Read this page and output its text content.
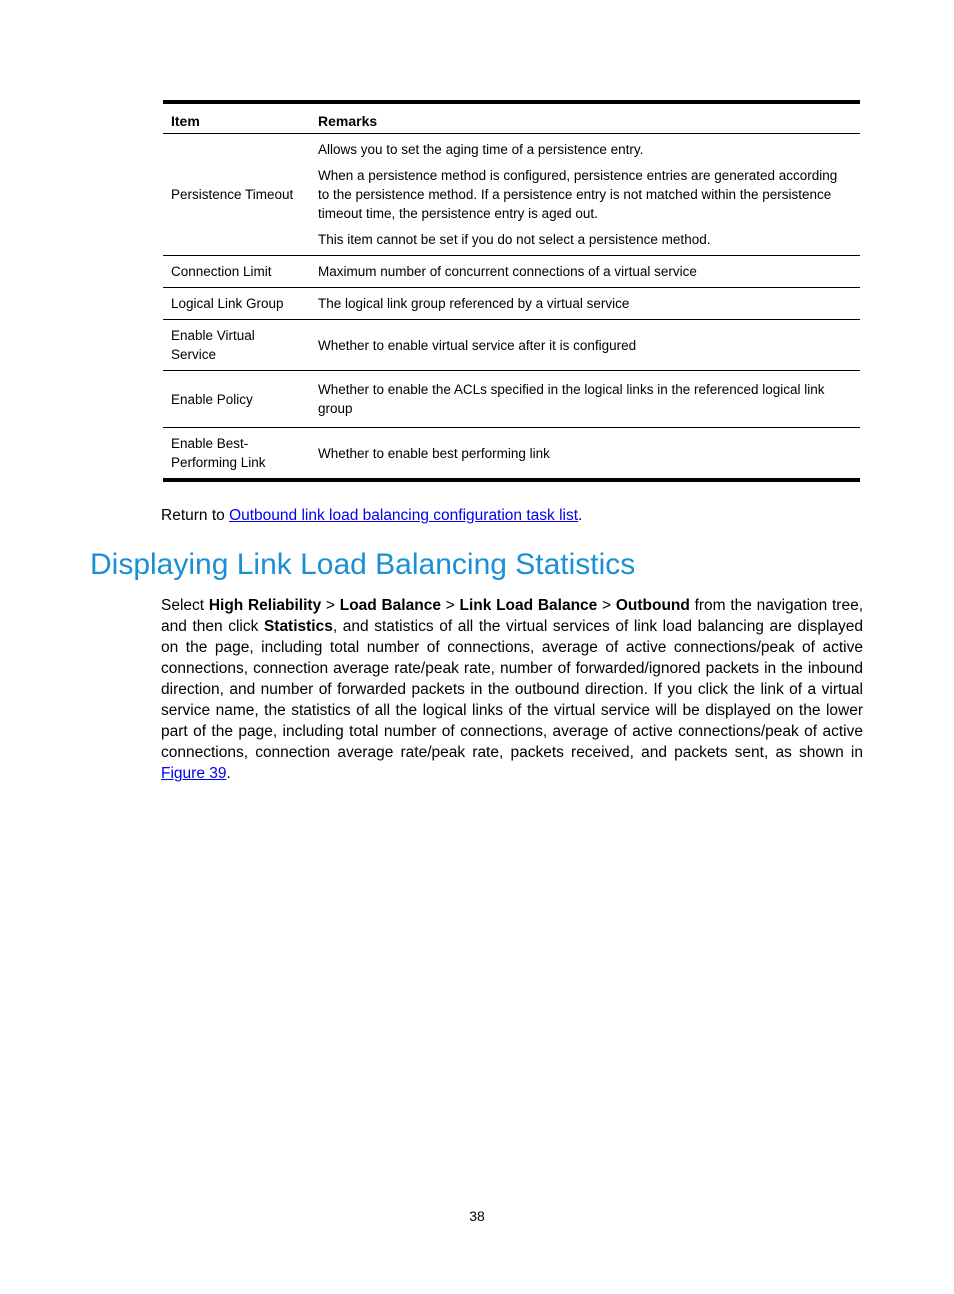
Item	Remarks
Persistence Timeout	Allows you to set the aging time of a persistence entry.

When a persistence method is configured, persistence entries are generated according to the persistence method. If a persistence entry is not matched within the persistence timeout time, the persistence entry is aged out.

This item cannot be set if you do not select a persistence method.

Connection Limit	Maximum number of concurrent connections of a virtual service
Logical Link Group	The logical link group referenced by a virtual service
Enable Virtual Service	Whether to enable virtual service after it is configured
Enable Policy	Whether to enable the ACLs specified in the logical links in the referenced logical link group
Enable Best-Performing Link	Whether to enable best performing link
Return to Outbound link load balancing configuration task list.
Displaying Link Load Balancing Statistics

Select High Reliability > Load Balance > Link Load Balance > Outbound from the navigation tree, and then click Statistics, and statistics of all the virtual services of link load balancing are displayed on the page, including total number of connections, average of active connections/peak of active connections, connection average rate/peak rate, number of forwarded/ignored packets in the inbound direction, and number of forwarded packets in the outbound direction. If you click the link of a virtual service name, the statistics of all the logical links of the virtual service will be displayed on the lower part of the page, including total number of connections, average of active connections/peak of active connections, connection average rate/peak rate, packets received, and packets sent, as shown in Figure 39.

38
